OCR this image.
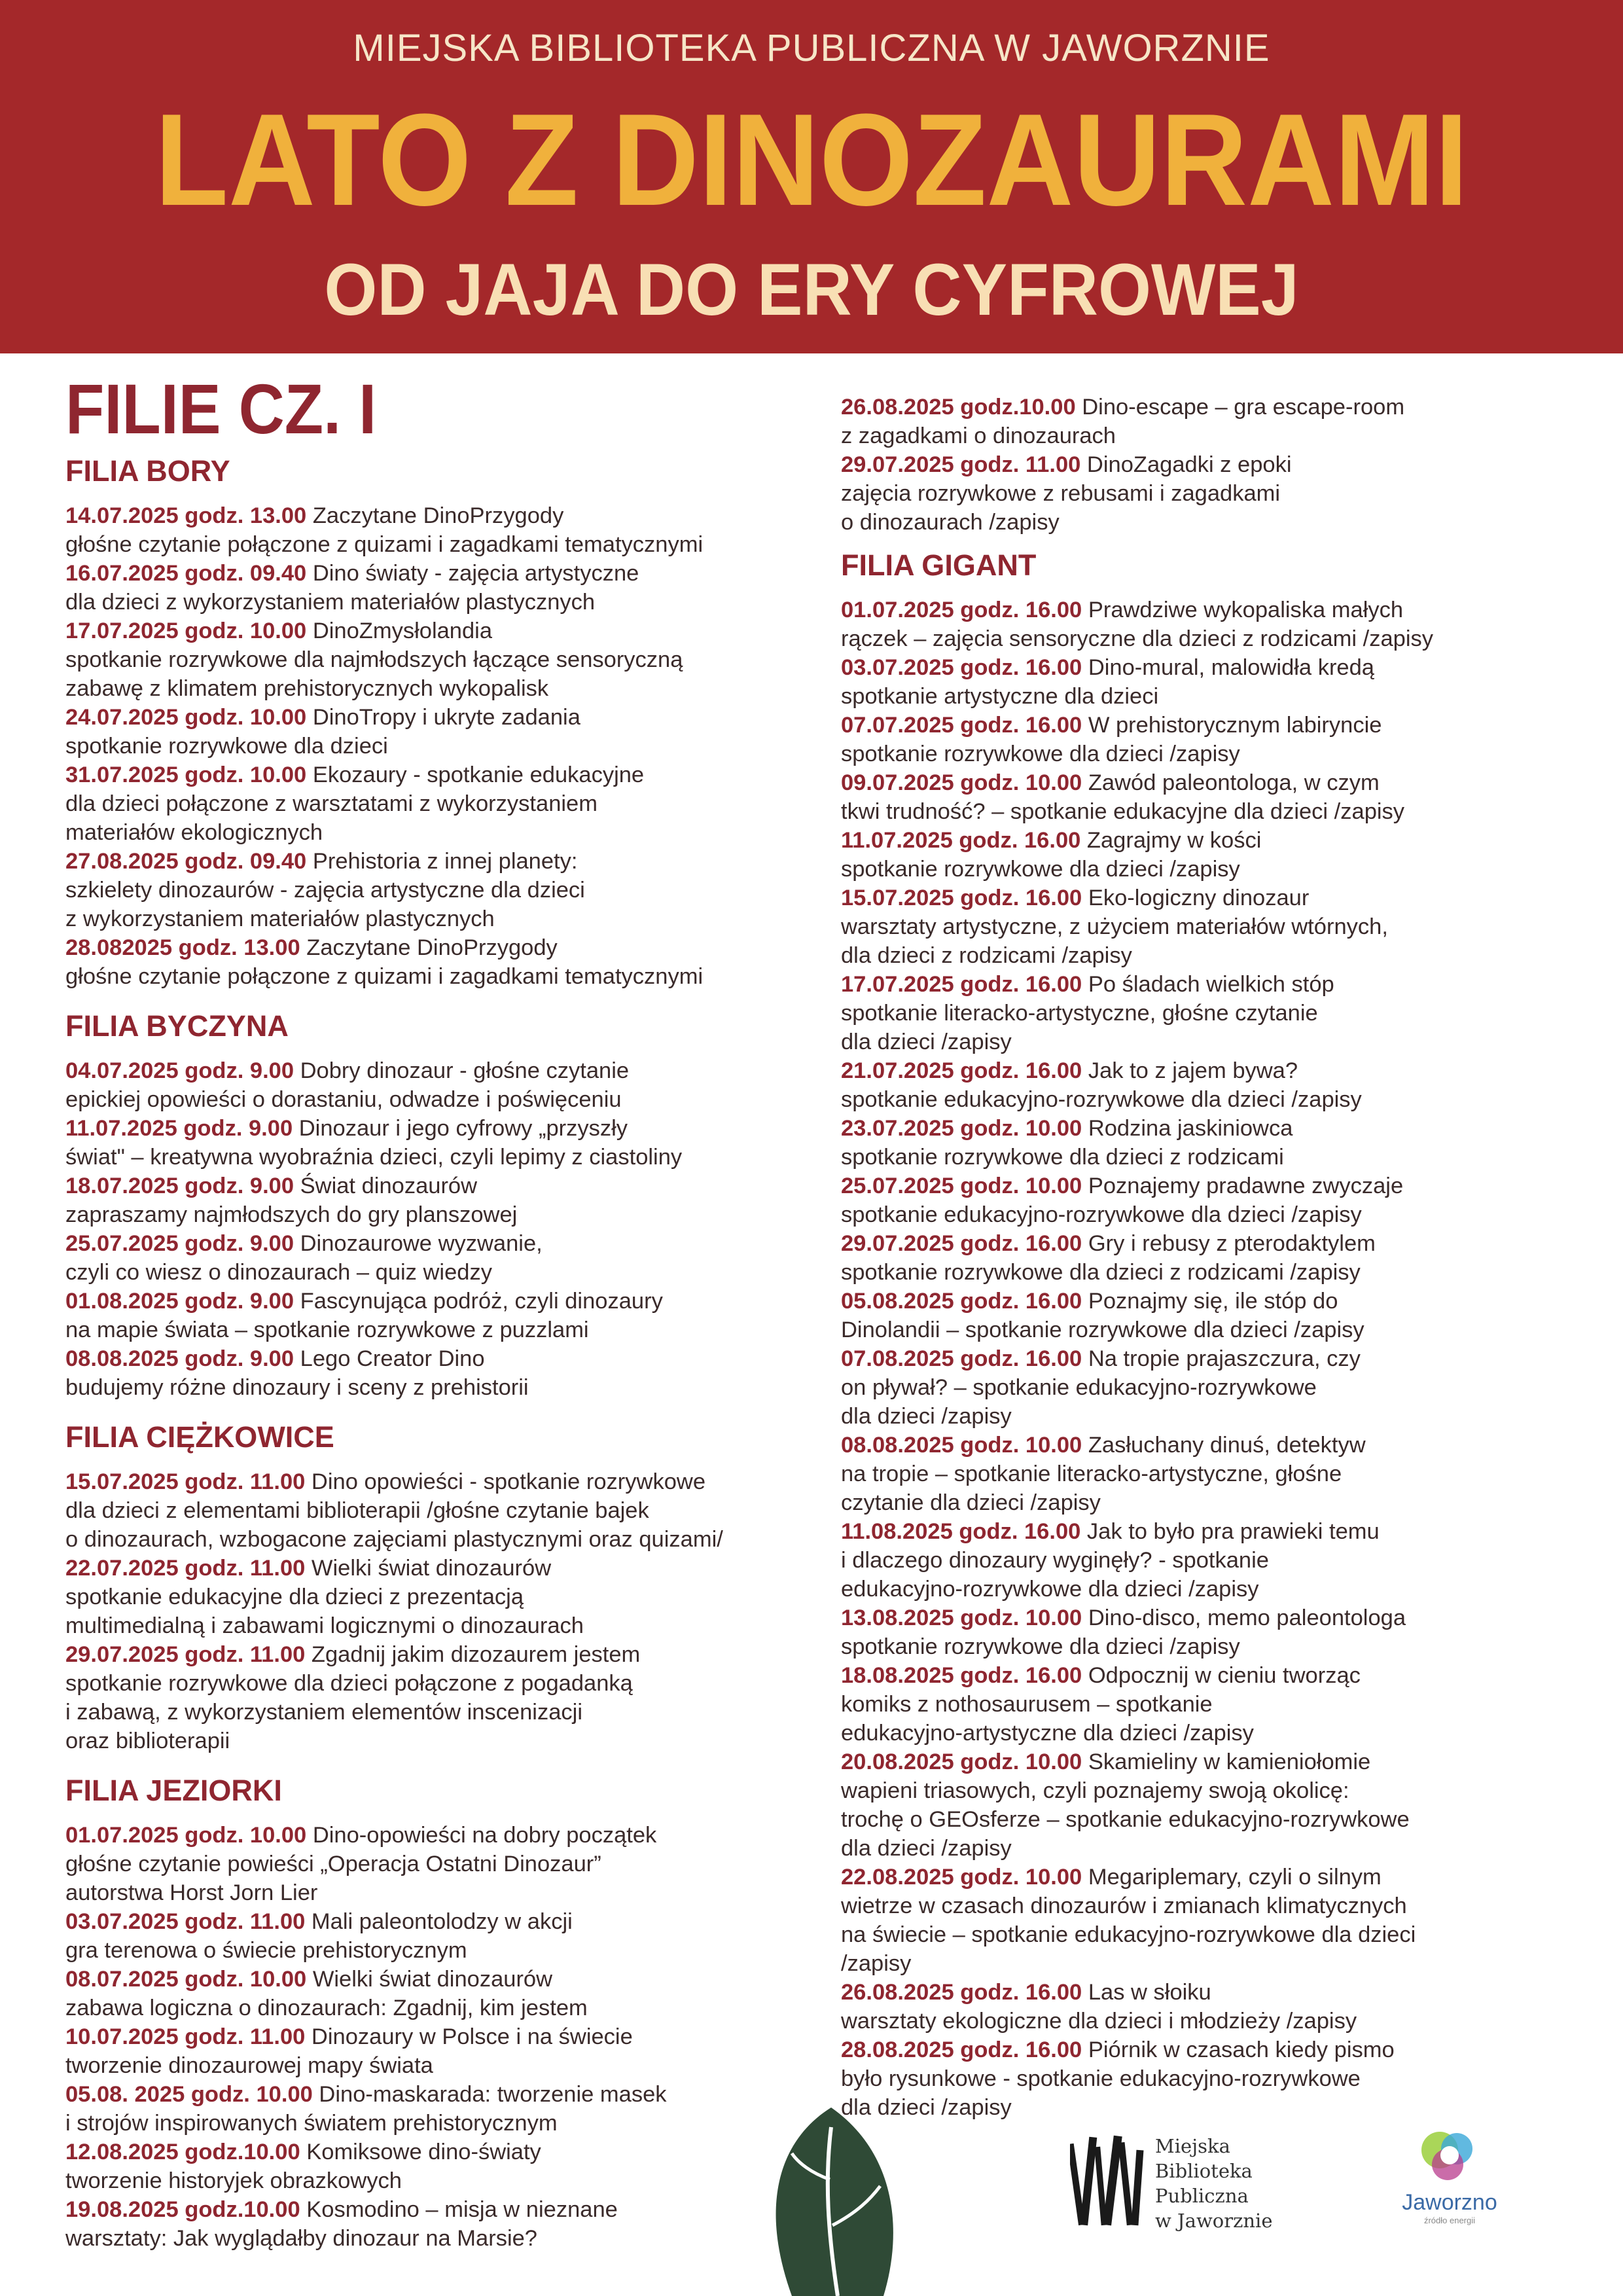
MIEJSKA BIBLIOTEKA PUBLICZNA W JAWORZNIE
LATO Z DINOZAURAMI
OD JAJA DO ERY CYFROWEJ
FILIE CZ. I
FILIA BORY
14.07.2025 godz. 13.00 Zaczytane DinoPrzygody
głośne czytanie połączone z quizami i zagadkami tematycznymi
16.07.2025 godz. 09.40 Dino światy - zajęcia artystyczne
dla dzieci z wykorzystaniem materiałów plastycznych
17.07.2025 godz. 10.00 DinoZmysłolandia
spotkanie rozrywkowe dla najmłodszych łączące sensoryczną
zabawę z klimatem prehistorycznych wykopalisk
24.07.2025 godz. 10.00 DinoTropy i ukryte zadania
spotkanie rozrywkowe dla dzieci
31.07.2025 godz. 10.00 Ekozaury - spotkanie edukacyjne
dla dzieci połączone z warsztatami z wykorzystaniem
materiałów ekologicznych
27.08.2025 godz. 09.40 Prehistoria z innej planety:
szkielety dinozaurów - zajęcia artystyczne dla dzieci
z wykorzystaniem materiałów plastycznych
28.082025 godz. 13.00 Zaczytane DinoPrzygody
głośne czytanie połączone z quizami i zagadkami tematycznymi
FILIA BYCZYNA
04.07.2025 godz. 9.00 Dobry dinozaur - głośne czytanie
epickiej opowieści o dorastaniu, odwadze i poświęceniu
11.07.2025 godz. 9.00 Dinozaur i jego cyfrowy „przyszły
świat" – kreatywna wyobraźnia dzieci, czyli lepimy z ciastoliny
18.07.2025 godz. 9.00 Świat dinozaurów
zapraszamy najmłodszych do gry planszowej
25.07.2025 godz. 9.00 Dinozaurowe wyzwanie,
czyli co wiesz o dinozaurach – quiz wiedzy
01.08.2025 godz. 9.00 Fascynująca podróż, czyli dinozaury
na mapie świata – spotkanie rozrywkowe z puzzlami
08.08.2025 godz. 9.00 Lego Creator Dino
budujemy różne dinozaury i sceny z prehistorii
FILIA CIĘŻKOWICE
15.07.2025 godz. 11.00 Dino opowieści - spotkanie rozrywkowe
dla dzieci z elementami biblioterapii /głośne czytanie bajek
o dinozaurach, wzbogacone zajęciami plastycznymi oraz quizami/
22.07.2025 godz. 11.00 Wielki świat dinozaurów
spotkanie edukacyjne dla dzieci z prezentacją
multimedialną i zabawami logicznymi o dinozaurach
29.07.2025 godz. 11.00 Zgadnij jakim dizozaurem jestem
spotkanie rozrywkowe dla dzieci połączone z pogadanką
i zabawą, z wykorzystaniem elementów inscenizacji
oraz biblioterapii
FILIA JEZIORKI
01.07.2025 godz. 10.00 Dino-opowieści na dobry początek
głośne czytanie powieści „Operacja Ostatni Dinozaur”
autorstwa Horst Jorn Lier
03.07.2025 godz. 11.00 Mali paleontolodzy w akcji
gra terenowa o świecie prehistorycznym
08.07.2025 godz. 10.00 Wielki świat dinozaurów
zabawa logiczna o dinozaurach: Zgadnij, kim jestem
10.07.2025 godz. 11.00 Dinozaury w Polsce i na świecie
tworzenie dinozaurowej mapy świata
05.08. 2025 godz. 10.00 Dino-maskarada: tworzenie masek
i strojów inspirowanych światem prehistorycznym
12.08.2025 godz.10.00 Komiksowe dino-światy
tworzenie historyjek obrazkowych
19.08.2025 godz.10.00 Kosmodino – misja w nieznane
warsztaty: Jak wyglądałby dinozaur na Marsie?
26.08.2025 godz.10.00 Dino-escape – gra escape-room
z zagadkami o dinozaurach
29.07.2025 godz. 11.00 DinoZagadki z epoki
zajęcia rozrywkowe z rebusami i zagadkami
o dinozaurach /zapisy
FILIA GIGANT
01.07.2025 godz. 16.00 Prawdziwe wykopaliska małych
rączek – zajęcia sensoryczne dla dzieci z rodzicami /zapisy
03.07.2025 godz. 16.00 Dino-mural, malowidła kredą
spotkanie artystyczne dla dzieci
07.07.2025 godz. 16.00 W prehistorycznym labiryncie
spotkanie rozrywkowe dla dzieci /zapisy
09.07.2025 godz. 10.00 Zawód paleontologa, w czym
tkwi trudność? – spotkanie edukacyjne dla dzieci /zapisy
11.07.2025 godz. 16.00 Zagrajmy w kości
spotkanie rozrywkowe dla dzieci /zapisy
15.07.2025 godz. 16.00 Eko-logiczny dinozaur
warsztaty artystyczne, z użyciem materiałów wtórnych,
dla dzieci z rodzicami /zapisy
17.07.2025 godz. 16.00 Po śladach wielkich stóp
spotkanie literacko-artystyczne, głośne czytanie
dla dzieci /zapisy
21.07.2025 godz. 16.00 Jak to z jajem bywa?
spotkanie edukacyjno-rozrywkowe dla dzieci /zapisy
23.07.2025 godz. 10.00 Rodzina jaskiniowca
spotkanie rozrywkowe dla dzieci z rodzicami
25.07.2025 godz. 10.00 Poznajemy pradawne zwyczaje
spotkanie edukacyjno-rozrywkowe dla dzieci /zapisy
29.07.2025 godz. 16.00 Gry i rebusy z pterodaktylem
spotkanie rozrywkowe dla dzieci z rodzicami /zapisy
05.08.2025 godz. 16.00 Poznajmy się, ile stóp do
Dinolandii – spotkanie rozrywkowe dla dzieci /zapisy
07.08.2025 godz. 16.00 Na tropie prajaszczura, czy
on pływał? – spotkanie edukacyjno-rozrywkowe
dla dzieci /zapisy
08.08.2025 godz. 10.00 Zasłuchany dinuś, detektyw
na tropie – spotkanie literacko-artystyczne, głośne
czytanie dla dzieci /zapisy
11.08.2025 godz. 16.00 Jak to było pra prawieki temu
i dlaczego dinozaury wyginęły? - spotkanie
edukacyjno-rozrywkowe dla dzieci /zapisy
13.08.2025 godz. 10.00 Dino-disco, memo paleontologa
spotkanie rozrywkowe dla dzieci /zapisy
18.08.2025 godz. 16.00 Odpocznij w cieniu tworząc
komiks z nothosaurusem – spotkanie
edukacyjno-artystyczne dla dzieci /zapisy
20.08.2025 godz. 10.00 Skamieliny w kamieniołomie
wapieni triasowych, czyli poznajemy swoją okolicę:
trochę o GEOsferze – spotkanie edukacyjno-rozrywkowe
dla dzieci /zapisy
22.08.2025 godz. 10.00 Megariplemary, czyli o silnym
wietrze w czasach dinozaurów i zmianach klimatycznych
na świecie – spotkanie edukacyjno-rozrywkowe dla dzieci
/zapisy
26.08.2025 godz. 16.00 Las w słoiku
warsztaty ekologiczne dla dzieci i młodzieży /zapisy
28.08.2025 godz. 16.00 Piórnik w czasach kiedy pismo
było rysunkowe - spotkanie edukacyjno-rozrywkowe
dla dzieci /zapisy
Miejska
Biblioteka Publiczna
w Jaworznie
Jaworzno
źródło energii
